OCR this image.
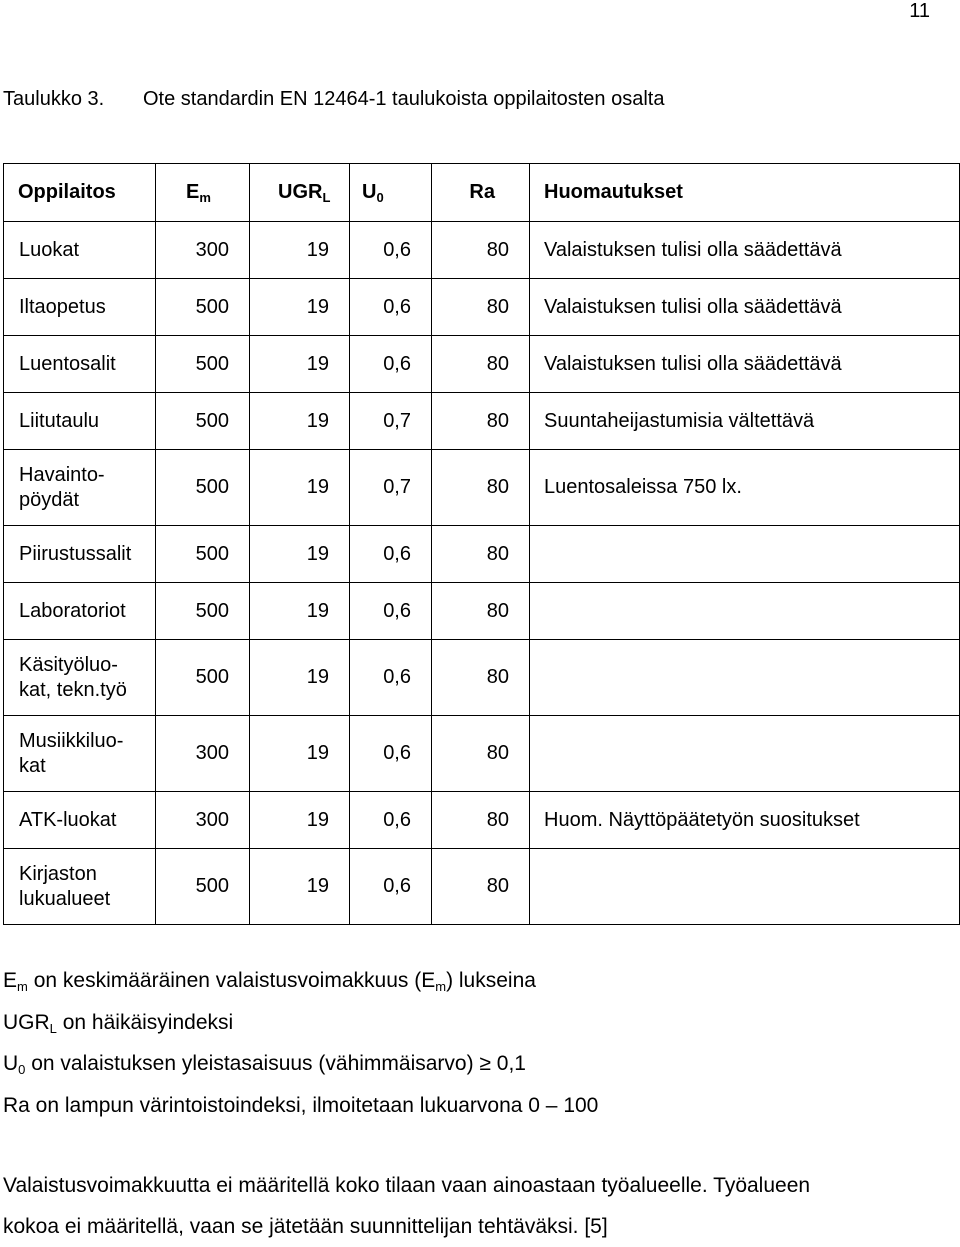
11
Taulukko 3. Ote standardin EN 12464-1 taulukoista oppilaitosten osalta
Oppilaitos	$E_m$	$UGR_L$	$U_0$	Ra	Huomautukset
Luokat	300	19	0,6	80	Valaistuksen tulisi olla säädettävä
Iltaopetus	500	19	0,6	80	Valaistuksen tulisi olla säädettävä
Luentosalit	500	19	0,6	80	Valaistuksen tulisi olla säädettävä
Liitutaulu	500	19	0,7	80	Suuntaheijastumisia vältettävä
Havainto-
pöydät	500	19	0,7	80	Luentosaleissa 750 lx.
Piirustussalit	500	19	0,6	80	
Laboratoriot	500	19	0,6	80	
Käsityöluo-
kat, tekn.työ	500	19	0,6	80	
Musiikkiluo-
kat	300	19	0,6	80	
ATK-luokat	300	19	0,6	80	Huom. Näyttöpäätetyön suositukset
Kirjaston
lukualueet	500	19	0,6	80	
$E_m$ on keskimääräinen valaistusvoimakkuus $(E_m)$ lukseina
$UGR_L$ on häikäisyindeksi
$U_0$ on valaistuksen yleistasaisuus (vähimmäisarvo) ≥ 0,1
Ra on lampun värintoistoindeksi, ilmoitetaan lukuarvona 0 – 100
Valaistusvoimakkuutta ei määritellä koko tilaan vaan ainoastaan työalueelle. Työalueen
kokoa ei määritellä, vaan se jätetään suunnittelijan tehtäväksi. [5]
